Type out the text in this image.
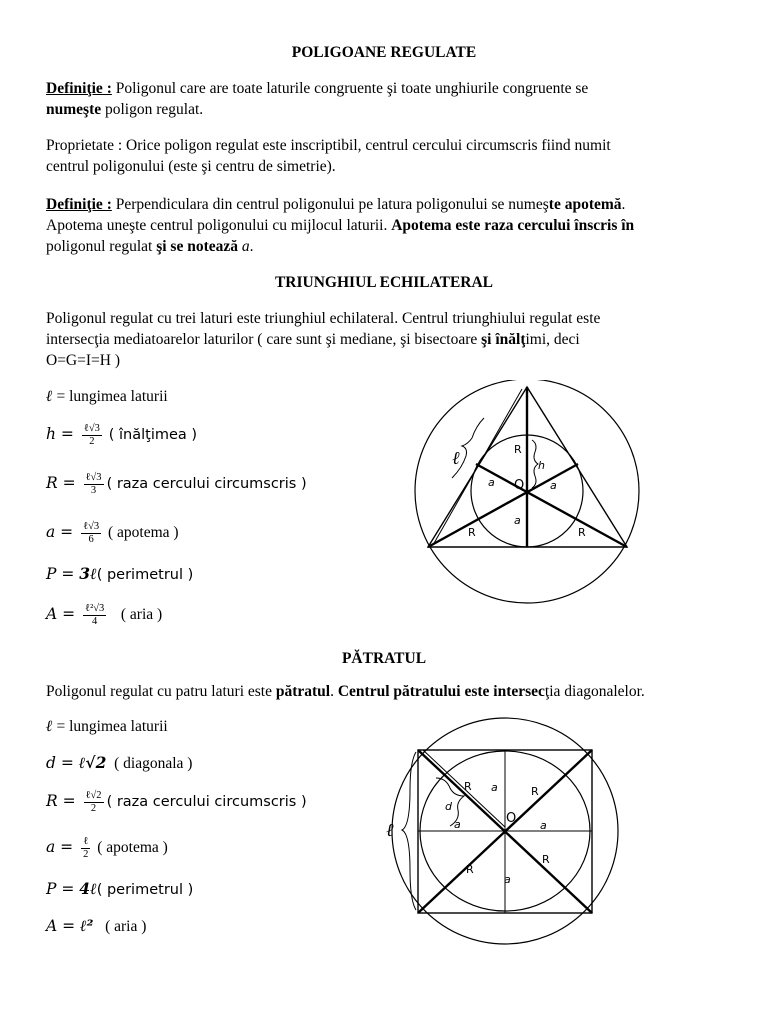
POLIGOANE REGULATE
Definiţie : Poligonul care are toate laturile congruente şi toate unghiurile congruente se
numeşte poligon regulat.
Proprietate : Orice poligon regulat este inscriptibil, centrul cercului circumscris fiind numit
centrul poligonului (este şi centru de simetrie).
Definiţie : Perpendiculara din centrul poligonului pe latura poligonului se numeşte apotemă.
Apotema uneşte centrul poligonului cu mijlocul laturii. Apotema este raza cercului înscris în
poligonul regulat şi se notează a.
TRIUNGHIUL ECHILATERAL
Poligonul regulat cu trei laturi este triunghiul echilateral. Centrul triunghiului regulat este
intersecţia mediatoarelor laturilor ( care sunt şi mediane, şi bisectoare şi înălţimi, deci
O=G=I=H )
ℓ = lungimea laturii
$h = \frac{\text{ℓ√3}}{2}$ ( înălţimea )
$R = \frac{\text{ℓ√3}}{3}$ ( raza cercului circumscris )
$a = \frac{\text{ℓ√3}}{6}$ ( apotema )
P = 3ℓ( perimetrul )
$A = \frac{\text{ℓ²√3}}{4}$ ( aria )
ℓ	R
h
a O a
a
R	R
PĂTRATUL
Poligonul regulat cu patru laturi este pătratul. Centrul pătratului este intersecţia diagonalelor.
ℓ = lungimea laturii
d = ℓ√2 ( diagonala )
$R = \frac{\text{ℓ√2}}{2}$ ( raza cercului circumscris )
$a = \frac{\text{ℓ}}{2}$ ( apotema )
P = 4ℓ( perimetrul )
A = ℓ² ( aria )
ℓ
R a	R
d
O
a	a
R
R
a
